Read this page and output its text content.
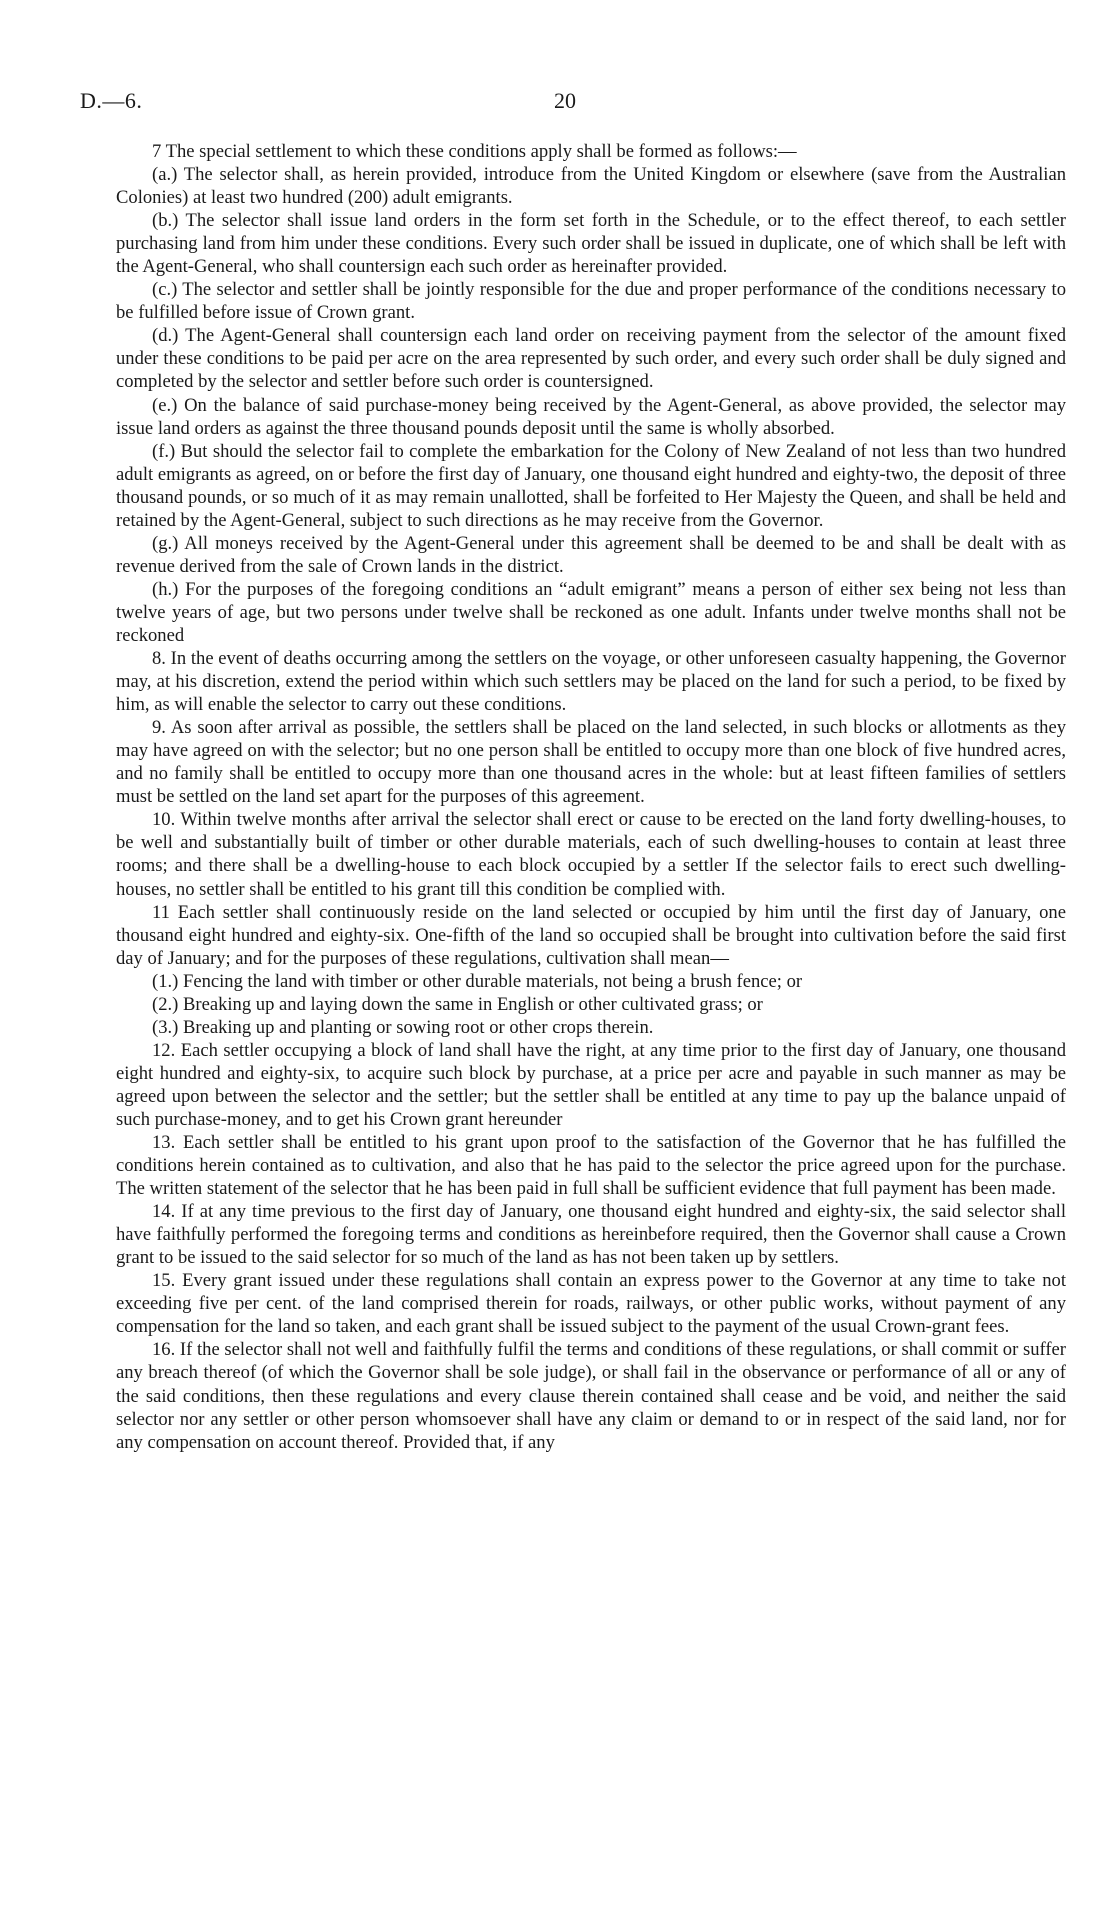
D.—6.	20

7 The special settlement to which these conditions apply shall be formed as follows:—

(a.) The selector shall, as herein provided, introduce from the United Kingdom or elsewhere (save from the Australian Colonies) at least two hundred (200) adult emigrants.

(b.) The selector shall issue land orders in the form set forth in the Schedule, or to the effect thereof, to each settler purchasing land from him under these conditions. Every such order shall be issued in duplicate, one of which shall be left with the Agent-General, who shall countersign each such order as hereinafter provided.

(c.) The selector and settler shall be jointly responsible for the due and proper performance of the conditions necessary to be fulfilled before issue of Crown grant.

(d.) The Agent-General shall countersign each land order on receiving payment from the selector of the amount fixed under these conditions to be paid per acre on the area represented by such order, and every such order shall be duly signed and completed by the selector and settler before such order is countersigned.

(e.) On the balance of said purchase-money being received by the Agent-General, as above provided, the selector may issue land orders as against the three thousand pounds deposit until the same is wholly absorbed.

(f.) But should the selector fail to complete the embarkation for the Colony of New Zealand of not less than two hundred adult emigrants as agreed, on or before the first day of January, one thousand eight hundred and eighty-two, the deposit of three thousand pounds, or so much of it as may remain unallotted, shall be forfeited to Her Majesty the Queen, and shall be held and retained by the Agent-General, subject to such directions as he may receive from the Governor.

(g.) All moneys received by the Agent-General under this agreement shall be deemed to be and shall be dealt with as revenue derived from the sale of Crown lands in the district.

(h.) For the purposes of the foregoing conditions an “adult emigrant” means a person of either sex being not less than twelve years of age, but two persons under twelve shall be reckoned as one adult. Infants under twelve months shall not be reckoned

8. In the event of deaths occurring among the settlers on the voyage, or other unforeseen casualty happening, the Governor may, at his discretion, extend the period within which such settlers may be placed on the land for such a period, to be fixed by him, as will enable the selector to carry out these conditions.

9. As soon after arrival as possible, the settlers shall be placed on the land selected, in such blocks or allotments as they may have agreed on with the selector; but no one person shall be entitled to occupy more than one block of five hundred acres, and no family shall be entitled to occupy more than one thousand acres in the whole: but at least fifteen families of settlers must be settled on the land set apart for the purposes of this agreement.

10. Within twelve months after arrival the selector shall erect or cause to be erected on the land forty dwelling-houses, to be well and substantially built of timber or other durable materials, each of such dwelling-houses to contain at least three rooms; and there shall be a dwelling-house to each block occupied by a settler If the selector fails to erect such dwelling-houses, no settler shall be entitled to his grant till this condition be complied with.

11 Each settler shall continuously reside on the land selected or occupied by him until the first day of January, one thousand eight hundred and eighty-six. One-fifth of the land so occupied shall be brought into cultivation before the said first day of January; and for the purposes of these regulations, cultivation shall mean—

(1.) Fencing the land with timber or other durable materials, not being a brush fence; or

(2.) Breaking up and laying down the same in English or other cultivated grass; or

(3.) Breaking up and planting or sowing root or other crops therein.

12. Each settler occupying a block of land shall have the right, at any time prior to the first day of January, one thousand eight hundred and eighty-six, to acquire such block by purchase, at a price per acre and payable in such manner as may be agreed upon between the selector and the settler; but the settler shall be entitled at any time to pay up the balance unpaid of such purchase-money, and to get his Crown grant hereunder

13. Each settler shall be entitled to his grant upon proof to the satisfaction of the Governor that he has fulfilled the conditions herein contained as to cultivation, and also that he has paid to the selector the price agreed upon for the purchase. The written statement of the selector that he has been paid in full shall be sufficient evidence that full payment has been made.

14. If at any time previous to the first day of January, one thousand eight hundred and eighty-six, the said selector shall have faithfully performed the foregoing terms and conditions as hereinbefore required, then the Governor shall cause a Crown grant to be issued to the said selector for so much of the land as has not been taken up by settlers.

15. Every grant issued under these regulations shall contain an express power to the Governor at any time to take not exceeding five per cent. of the land comprised therein for roads, railways, or other public works, without payment of any compensation for the land so taken, and each grant shall be issued subject to the payment of the usual Crown-grant fees.

16. If the selector shall not well and faithfully fulfil the terms and conditions of these regulations, or shall commit or suffer any breach thereof (of which the Governor shall be sole judge), or shall fail in the observance or performance of all or any of the said conditions, then these regulations and every clause therein contained shall cease and be void, and neither the said selector nor any settler or other person whomsoever shall have any claim or demand to or in respect of the said land, nor for any compensation on account thereof. Provided that, if any
